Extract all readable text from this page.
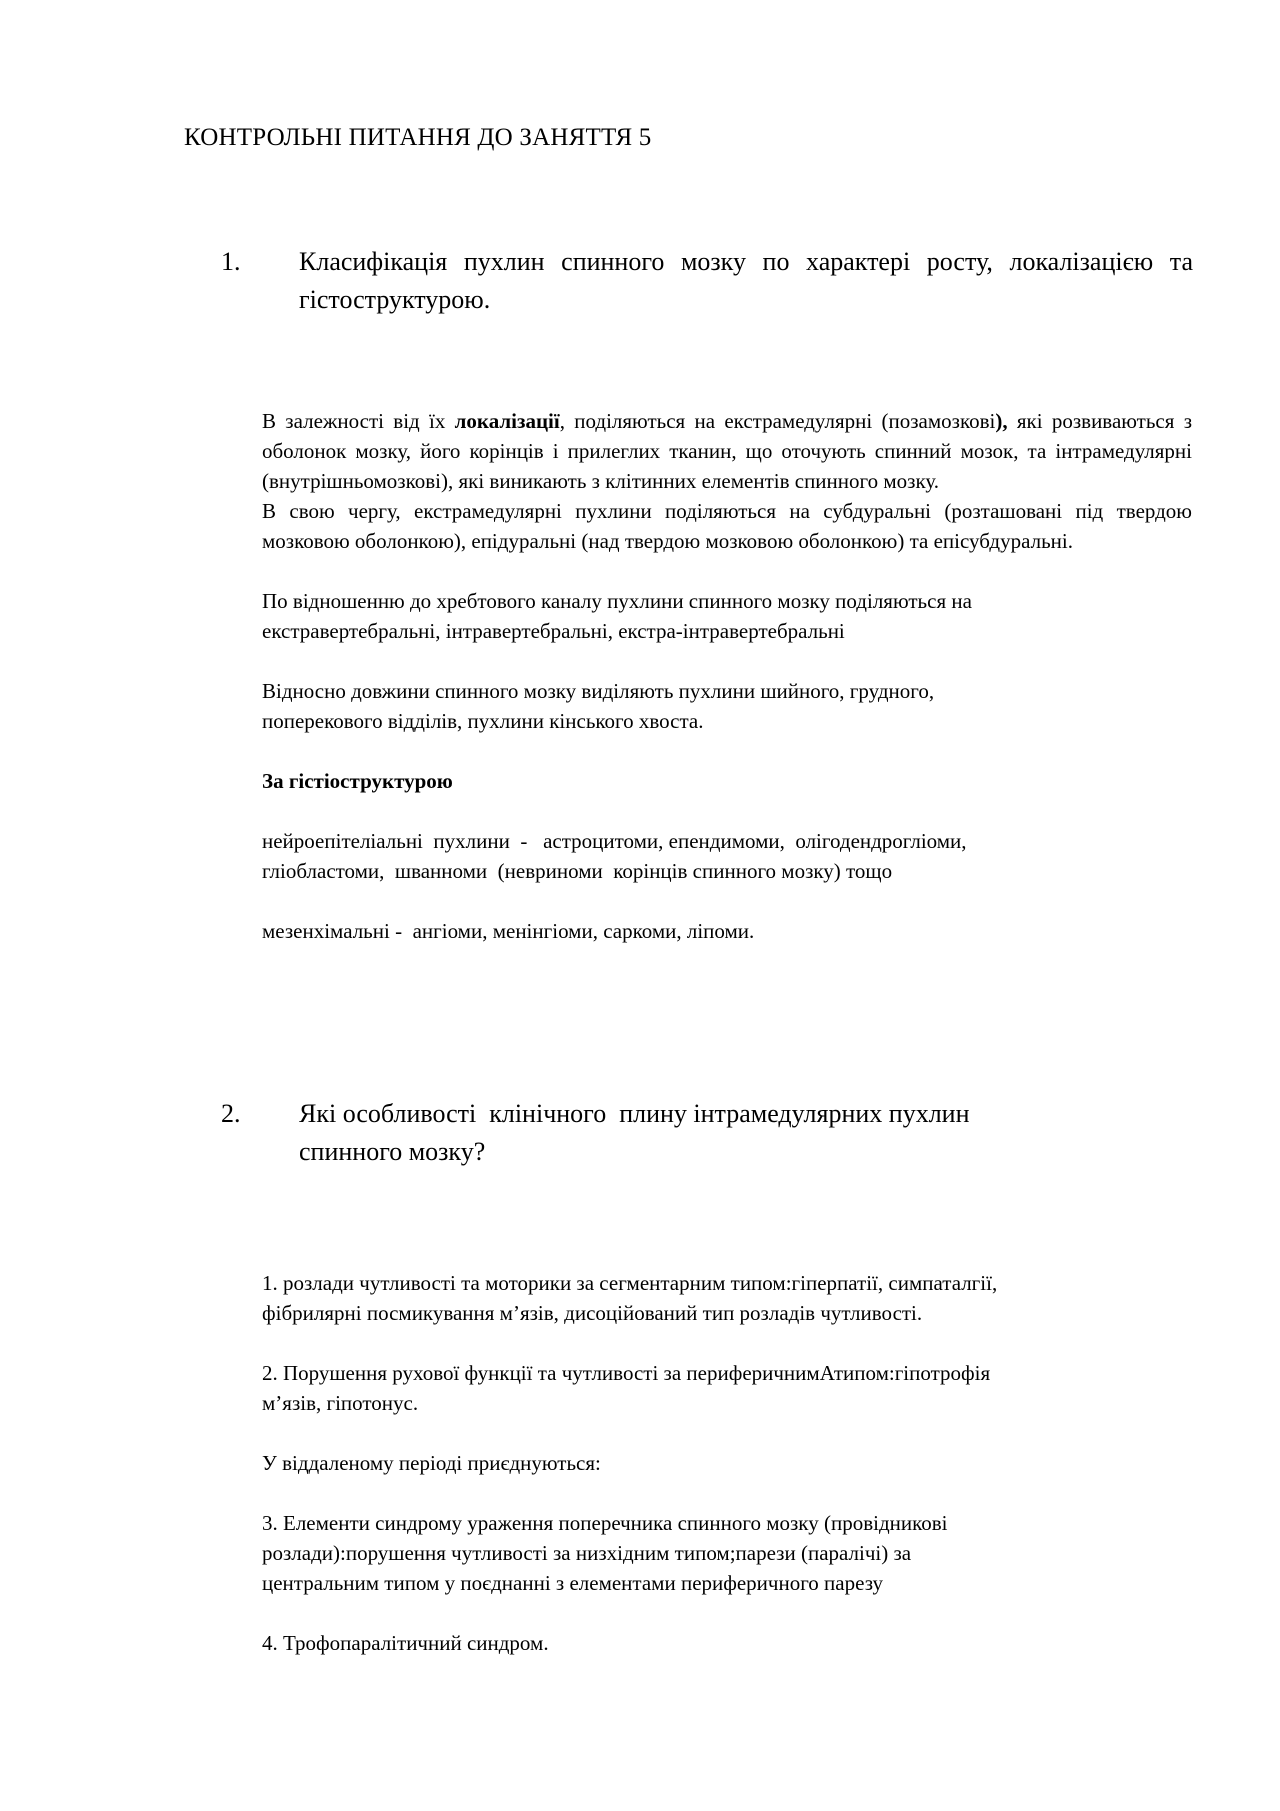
КОНТРОЛЬНІ ПИТАННЯ ДО ЗАНЯТТЯ 5
1. Класифікація пухлин спинного мозку по характері росту, локалізацією та гістоструктурою.

В залежності від їх локалізації, поділяються на екстрамедулярні (позамозкові), які розвиваються з оболонок мозку, його корінців і прилеглих тканин, що оточують спинний мозок, та інтрамедулярні (внутрішньомозкові), які виникають з клітинних елементів спинного мозку.

В свою чергу, екстрамедулярні пухлини поділяються на субдуральні (розташовані під твердою мозковою оболонкою), епідуральні (над твердою мозковою оболонкою) та епісубдуральні.

По відношенню до хребтового каналу пухлини спинного мозку поділяються на

екстравертебральні, інтравертебральні, екстра-інтравертебральні

Відносно довжини спинного мозку виділяють пухлини шийного, грудного,

поперекового відділів, пухлини кінського хвоста.

За гістіоструктурою

нейроепітеліальні  пухлини  -   астроцитоми, епендимоми,  олігодендрогліоми,

гліобластоми,  шванноми  (невриноми  корінців спинного мозку) тощо

мезенхімальні -  ангіоми, менінгіоми, саркоми, ліпоми.

2. Які особливості  клінічного  плину інтрамедулярних пухлин
спинного мозку?

1. розлади чутливості та моторики за сегментарним типом:гіперпатії, симпаталгії,

фібрилярні посмикування м’язів, дисоційований тип розладів чутливості.

2. Порушення рухової функції та чутливості за периферичнимАтипом:гіпотрофія

м’язів, гіпотонус.

У віддаленому періоді приєднуються:

3. Елементи синдрому ураження поперечника спинного мозку (провідникові

розлади):порушення чутливості за низхідним типом;парези (паралічі) за

центральним типом у поєднанні з елементами периферичного парезу

4. Трофопаралітичний синдром.
